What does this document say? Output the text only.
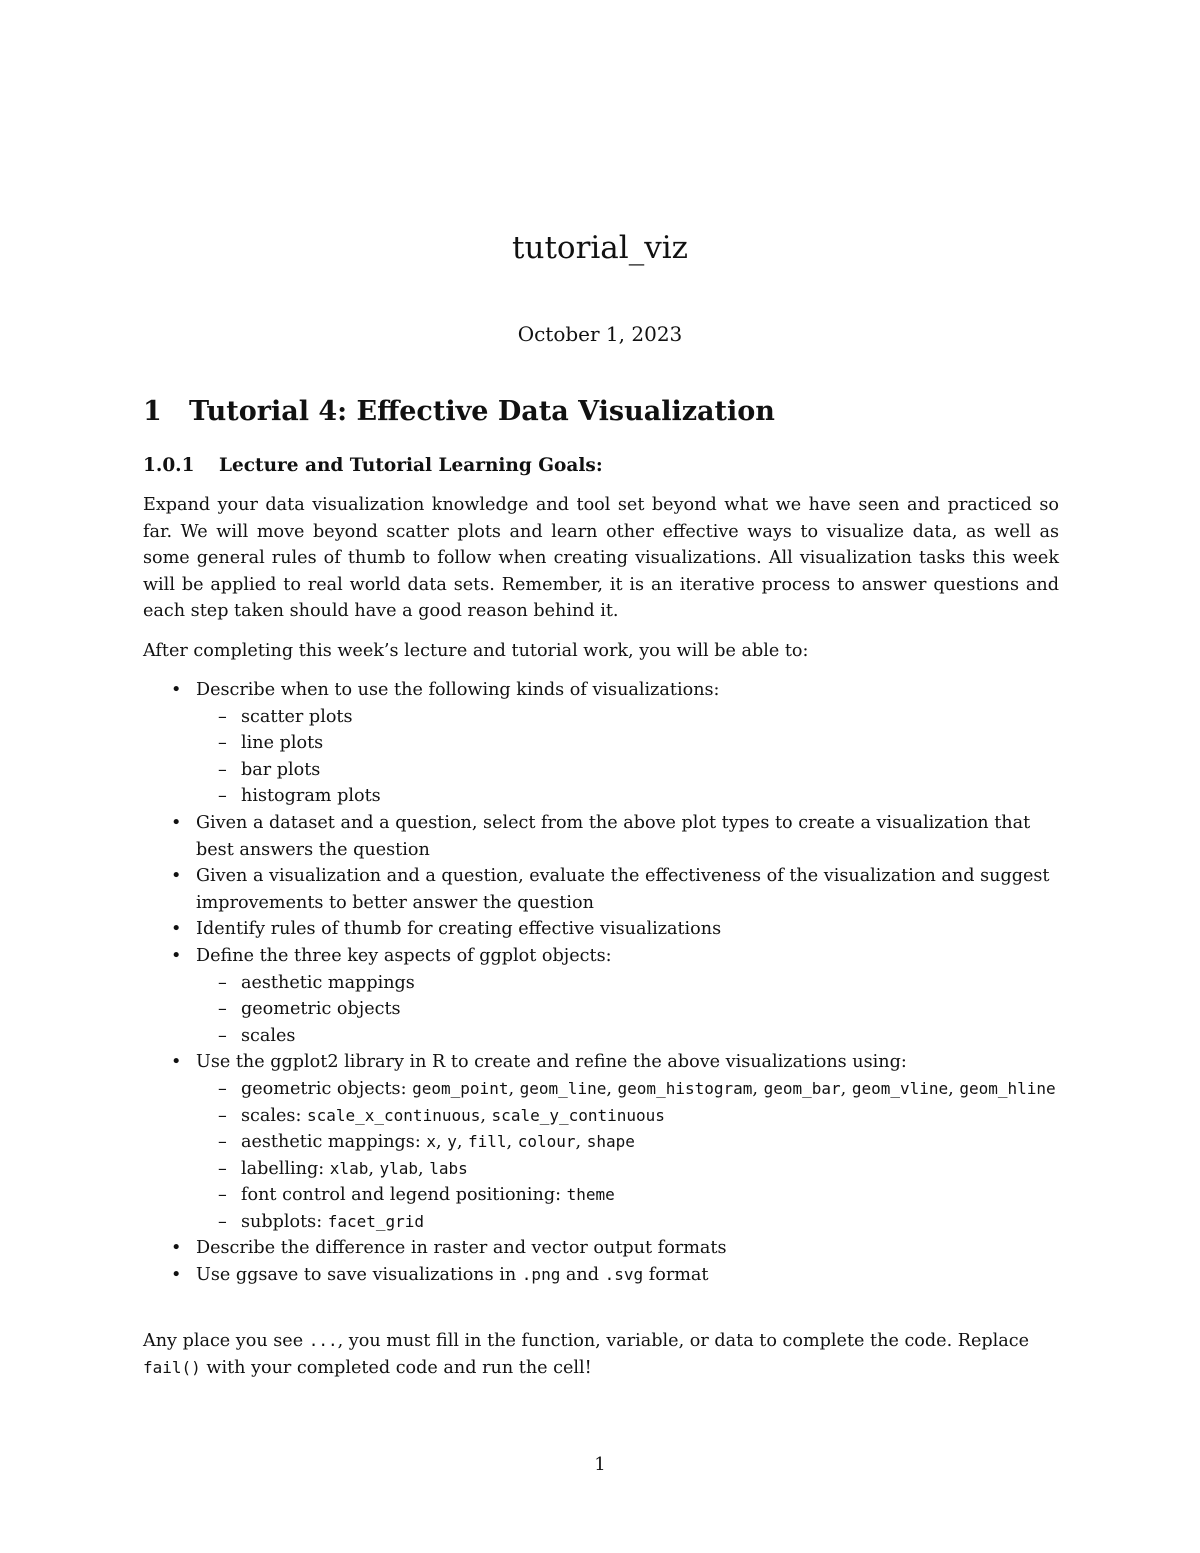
tutorial_viz
October 1, 2023
1 Tutorial 4: Effective Data Visualization
1.0.1 Lecture and Tutorial Learning Goals:
Expand your data visualization knowledge and tool set beyond what we have seen and practiced so far. We will move beyond scatter plots and learn other effective ways to visualize data, as well as some general rules of thumb to follow when creating visualizations. All visualization tasks this week will be applied to real world data sets. Remember, it is an iterative process to answer questions and each step taken should have a good reason behind it.
After completing this week’s lecture and tutorial work, you will be able to:
• Describe when to use the following kinds of visualizations:
– scatter plots
– line plots
– bar plots
– histogram plots
• Given a dataset and a question, select from the above plot types to create a visualization that best answers the question
• Given a visualization and a question, evaluate the effectiveness of the visualization and suggest improvements to better answer the question
• Identify rules of thumb for creating effective visualizations
• Define the three key aspects of ggplot objects:
– aesthetic mappings
– geometric objects
– scales
• Use the ggplot2 library in R to create and refine the above visualizations using:
– geometric objects: geom_point, geom_line, geom_histogram, geom_bar, geom_vline, geom_hline
– scales: scale_x_continuous, scale_y_continuous
– aesthetic mappings: x, y, fill, colour, shape
– labelling: xlab, ylab, labs
– font control and legend positioning: theme
– subplots: facet_grid
• Describe the difference in raster and vector output formats
• Use ggsave to save visualizations in .png and .svg format
Any place you see ..., you must fill in the function, variable, or data to complete the code. Replace fail() with your completed code and run the cell!
1
